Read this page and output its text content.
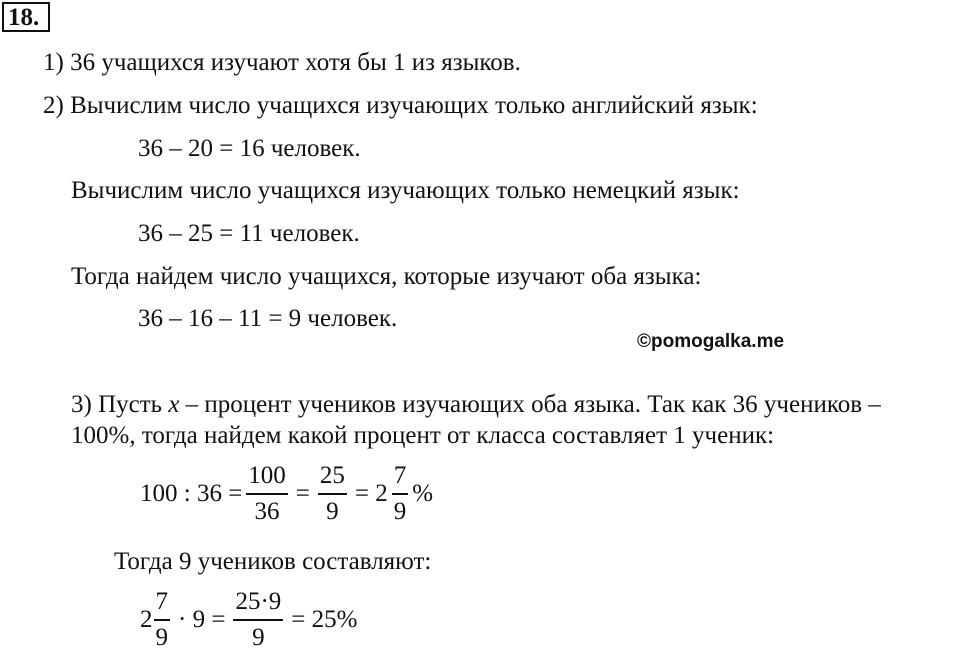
18.
1) 36 учащихся изучают хотя бы 1 из языков.
2) Вычислим число учащихся изучающих только английский язык:
36 – 20 = 16 человек.
Вычислим число учащихся изучающих только немецкий язык:
36 – 25 = 11 человек.
Тогда найдем число учащихся, которые изучают оба языка:
36 – 16 – 11 = 9 человек.
©pomogalka.me
3) Пусть x – процент учеников изучающих оба языка. Так как 36 учеников –
100%, тогда найдем какой процент от класса составляет 1 ученик:
100 : $36 = \frac{100}{36} = \frac{25}{9} = 2 \frac{7}{9}$ %
Тогда 9 учеников составляют:
$2 \frac{7}{9} \cdot 9 = \frac{25\cdot 9}{9} = 25\%$
